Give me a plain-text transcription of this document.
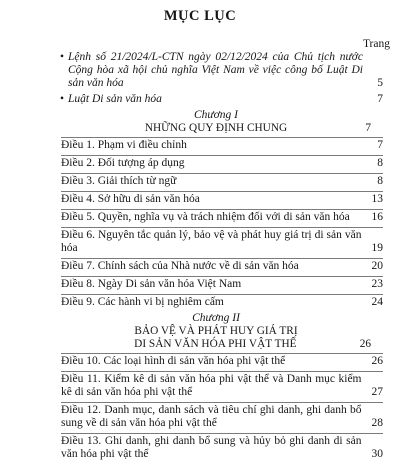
MỤC LỤC
Trang
• Lệnh số 21/2024/L-CTN ngày 02/12/2024 của Chủ tịch nước Cộng hòa xã hội chủ nghĩa Việt Nam về việc công bố Luật Di sản văn hóa	5
• Luật Di sản văn hóa	7
Chương I
NHỮNG QUY ĐỊNH CHUNG	7
Điều 1. Phạm vi điều chỉnh	7
Điều 2. Đối tượng áp dụng	8
Điều 3. Giải thích từ ngữ	8
Điều 4. Sở hữu di sản văn hóa	13
Điều 5. Quyền, nghĩa vụ và trách nhiệm đối với di sản văn hóa	16
Điều 6. Nguyên tắc quản lý, bảo vệ và phát huy giá trị di sản văn hóa	19
Điều 7. Chính sách của Nhà nước về di sản văn hóa	20
Điều 8. Ngày Di sản văn hóa Việt Nam	23
Điều 9. Các hành vi bị nghiêm cấm	24
Chương II
BẢO VỆ VÀ PHÁT HUY GIÁ TRỊ
DI SẢN VĂN HÓA PHI VẬT THỂ	26
Điều 10. Các loại hình di sản văn hóa phi vật thể	26
Điều 11. Kiểm kê di sản văn hóa phi vật thể và Danh mục kiểm kê di sản văn hóa phi vật thể	27
Điều 12. Danh mục, danh sách và tiêu chí ghi danh, ghi danh bổ sung về di sản văn hóa phi vật thể	28
Điều 13. Ghi danh, ghi danh bổ sung và hủy bỏ ghi danh di sản văn hóa phi vật thể	30
